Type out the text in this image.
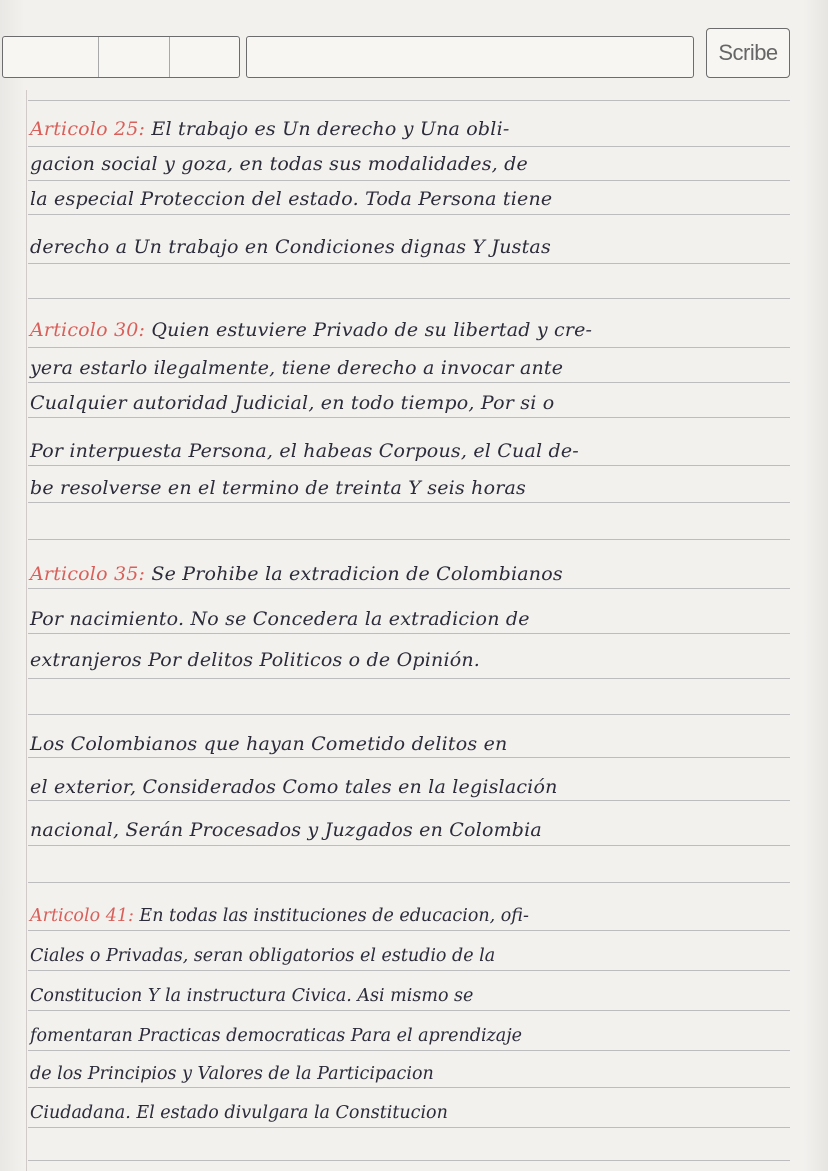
Scribe
Articolo 25: El trabajo es Un derecho y Una obli-
gacion social y goza, en todas sus modalidades, de
la especial Proteccion del estado. Toda Persona tiene
derecho a Un trabajo en Condiciones dignas Y Justas
Articolo 30: Quien estuviere Privado de su libertad y cre-
yera estarlo ilegalmente, tiene derecho a invocar ante
Cualquier autoridad Judicial, en todo tiempo, Por si o
Por interpuesta Persona, el habeas Corpous, el Cual de-
be resolverse en el termino de treinta Y seis horas
Articolo 35: Se Prohibe la extradicion de Colombianos
Por nacimiento. No se Concedera la extradicion de
extranjeros Por delitos Politicos o de Opinión.
Los Colombianos que hayan Cometido delitos en
el exterior, Considerados Como tales en la legislación
nacional, Serán Procesados y Juzgados en Colombia
Articolo 41: En todas las instituciones de educacion, ofi-
Ciales o Privadas, seran obligatorios el estudio de la
Constitucion Y la instructura Civica. Asi mismo se
fomentaran Practicas democraticas Para el aprendizaje
de los Principios y Valores de la Participacion
Ciudadana. El estado divulgara la Constitucion
